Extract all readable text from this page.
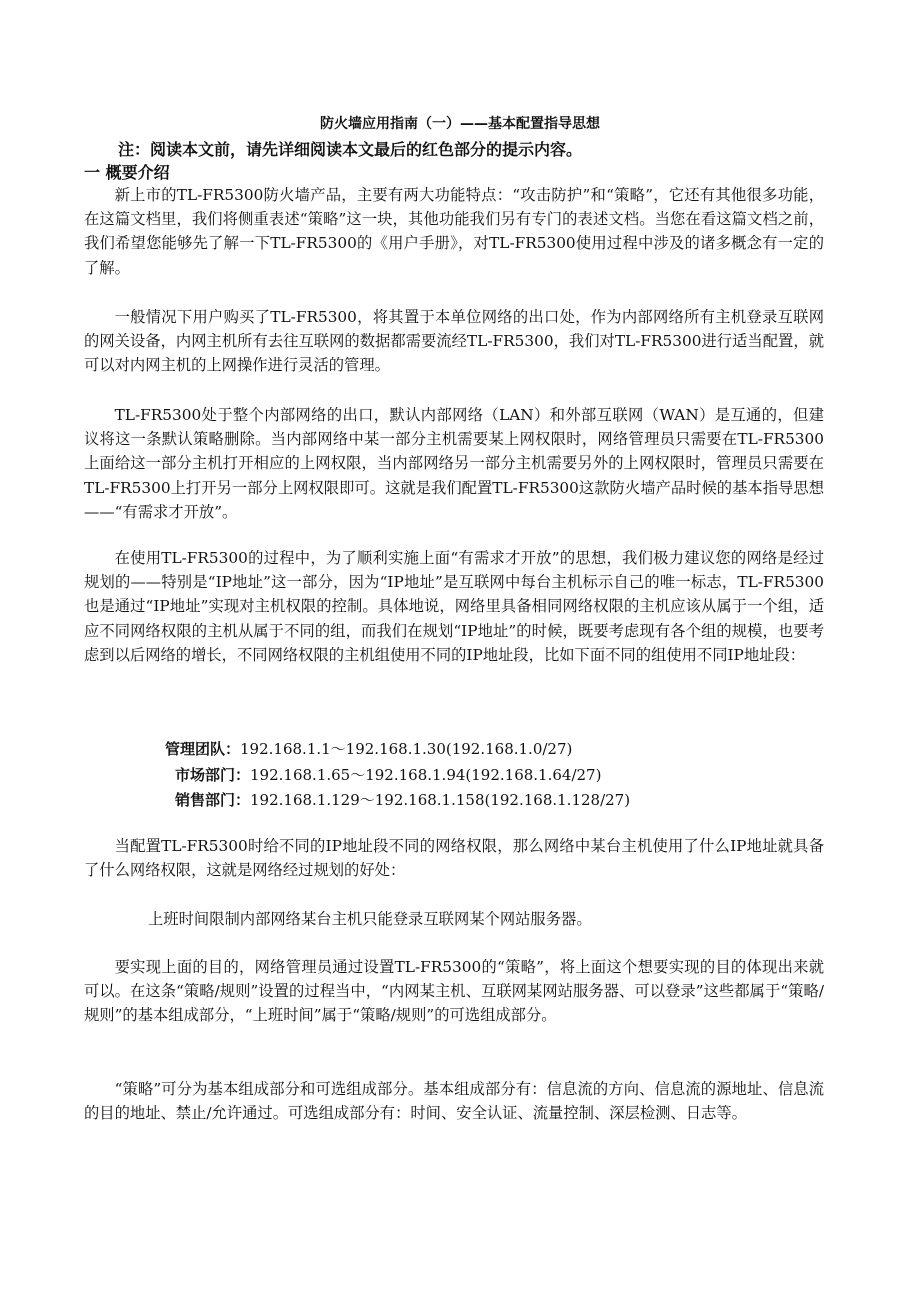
防火墙应用指南（一）——基本配置指导思想
注：阅读本文前，请先详细阅读本文最后的红色部分的提示内容。
一 概要介绍

新上市的TL-FR5300防火墙产品，主要有两大功能特点：“攻击防护”和“策略”，它还有其他很多功能，在这篇文档里，我们将侧重表述“策略”这一块，其他功能我们另有专门的表述文档。当您在看这篇文档之前，我们希望您能够先了解一下TL-FR5300的《用户手册》，对TL-FR5300使用过程中涉及的诸多概念有一定的了解。

一般情况下用户购买了TL-FR5300，将其置于本单位网络的出口处，作为内部网络所有主机登录互联网的网关设备，内网主机所有去往互联网的数据都需要流经TL-FR5300，我们对TL-FR5300进行适当配置，就可以对内网主机的上网操作进行灵活的管理。

TL-FR5300处于整个内部网络的出口，默认内部网络（LAN）和外部互联网（WAN）是互通的，但建议将这一条默认策略删除。当内部网络中某一部分主机需要某上网权限时，网络管理员只需要在TL-FR5300上面给这一部分主机打开相应的上网权限，当内部网络另一部分主机需要另外的上网权限时，管理员只需要在TL-FR5300上打开另一部分上网权限即可。这就是我们配置TL-FR5300这款防火墙产品时候的基本指导思想——“有需求才开放”。

在使用TL-FR5300的过程中，为了顺利实施上面“有需求才开放”的思想，我们极力建议您的网络是经过规划的——特别是“IP地址”这一部分，因为“IP地址”是互联网中每台主机标示自己的唯一标志，TL-FR5300也是通过“IP地址”实现对主机权限的控制。具体地说，网络里具备相同网络权限的主机应该从属于一个组，适应不同网络权限的主机从属于不同的组，而我们在规划“IP地址”的时候，既要考虑现有各个组的规模，也要考虑到以后网络的增长，不同网络权限的主机组使用不同的IP地址段，比如下面不同的组使用不同IP地址段：

管理团队：192.168.1.1～192.168.1.30(192.168.1.0/27)
市场部门：192.168.1.65～192.168.1.94(192.168.1.64/27)
销售部门：192.168.1.129～192.168.1.158(192.168.1.128/27)

当配置TL-FR5300时给不同的IP地址段不同的网络权限，那么网络中某台主机使用了什么IP地址就具备了什么网络权限，这就是网络经过规划的好处：

上班时间限制内部网络某台主机只能登录互联网某个网站服务器。

要实现上面的目的，网络管理员通过设置TL-FR5300的“策略”，将上面这个想要实现的目的体现出来就可以。在这条“策略/规则”设置的过程当中，“内网某主机、互联网某网站服务器、可以登录”这些都属于“策略/规则”的基本组成部分，“上班时间”属于“策略/规则”的可选组成部分。

“策略”可分为基本组成部分和可选组成部分。基本组成部分有：信息流的方向、信息流的源地址、信息流的目的地址、禁止/允许通过。可选组成部分有：时间、安全认证、流量控制、深层检测、日志等。
